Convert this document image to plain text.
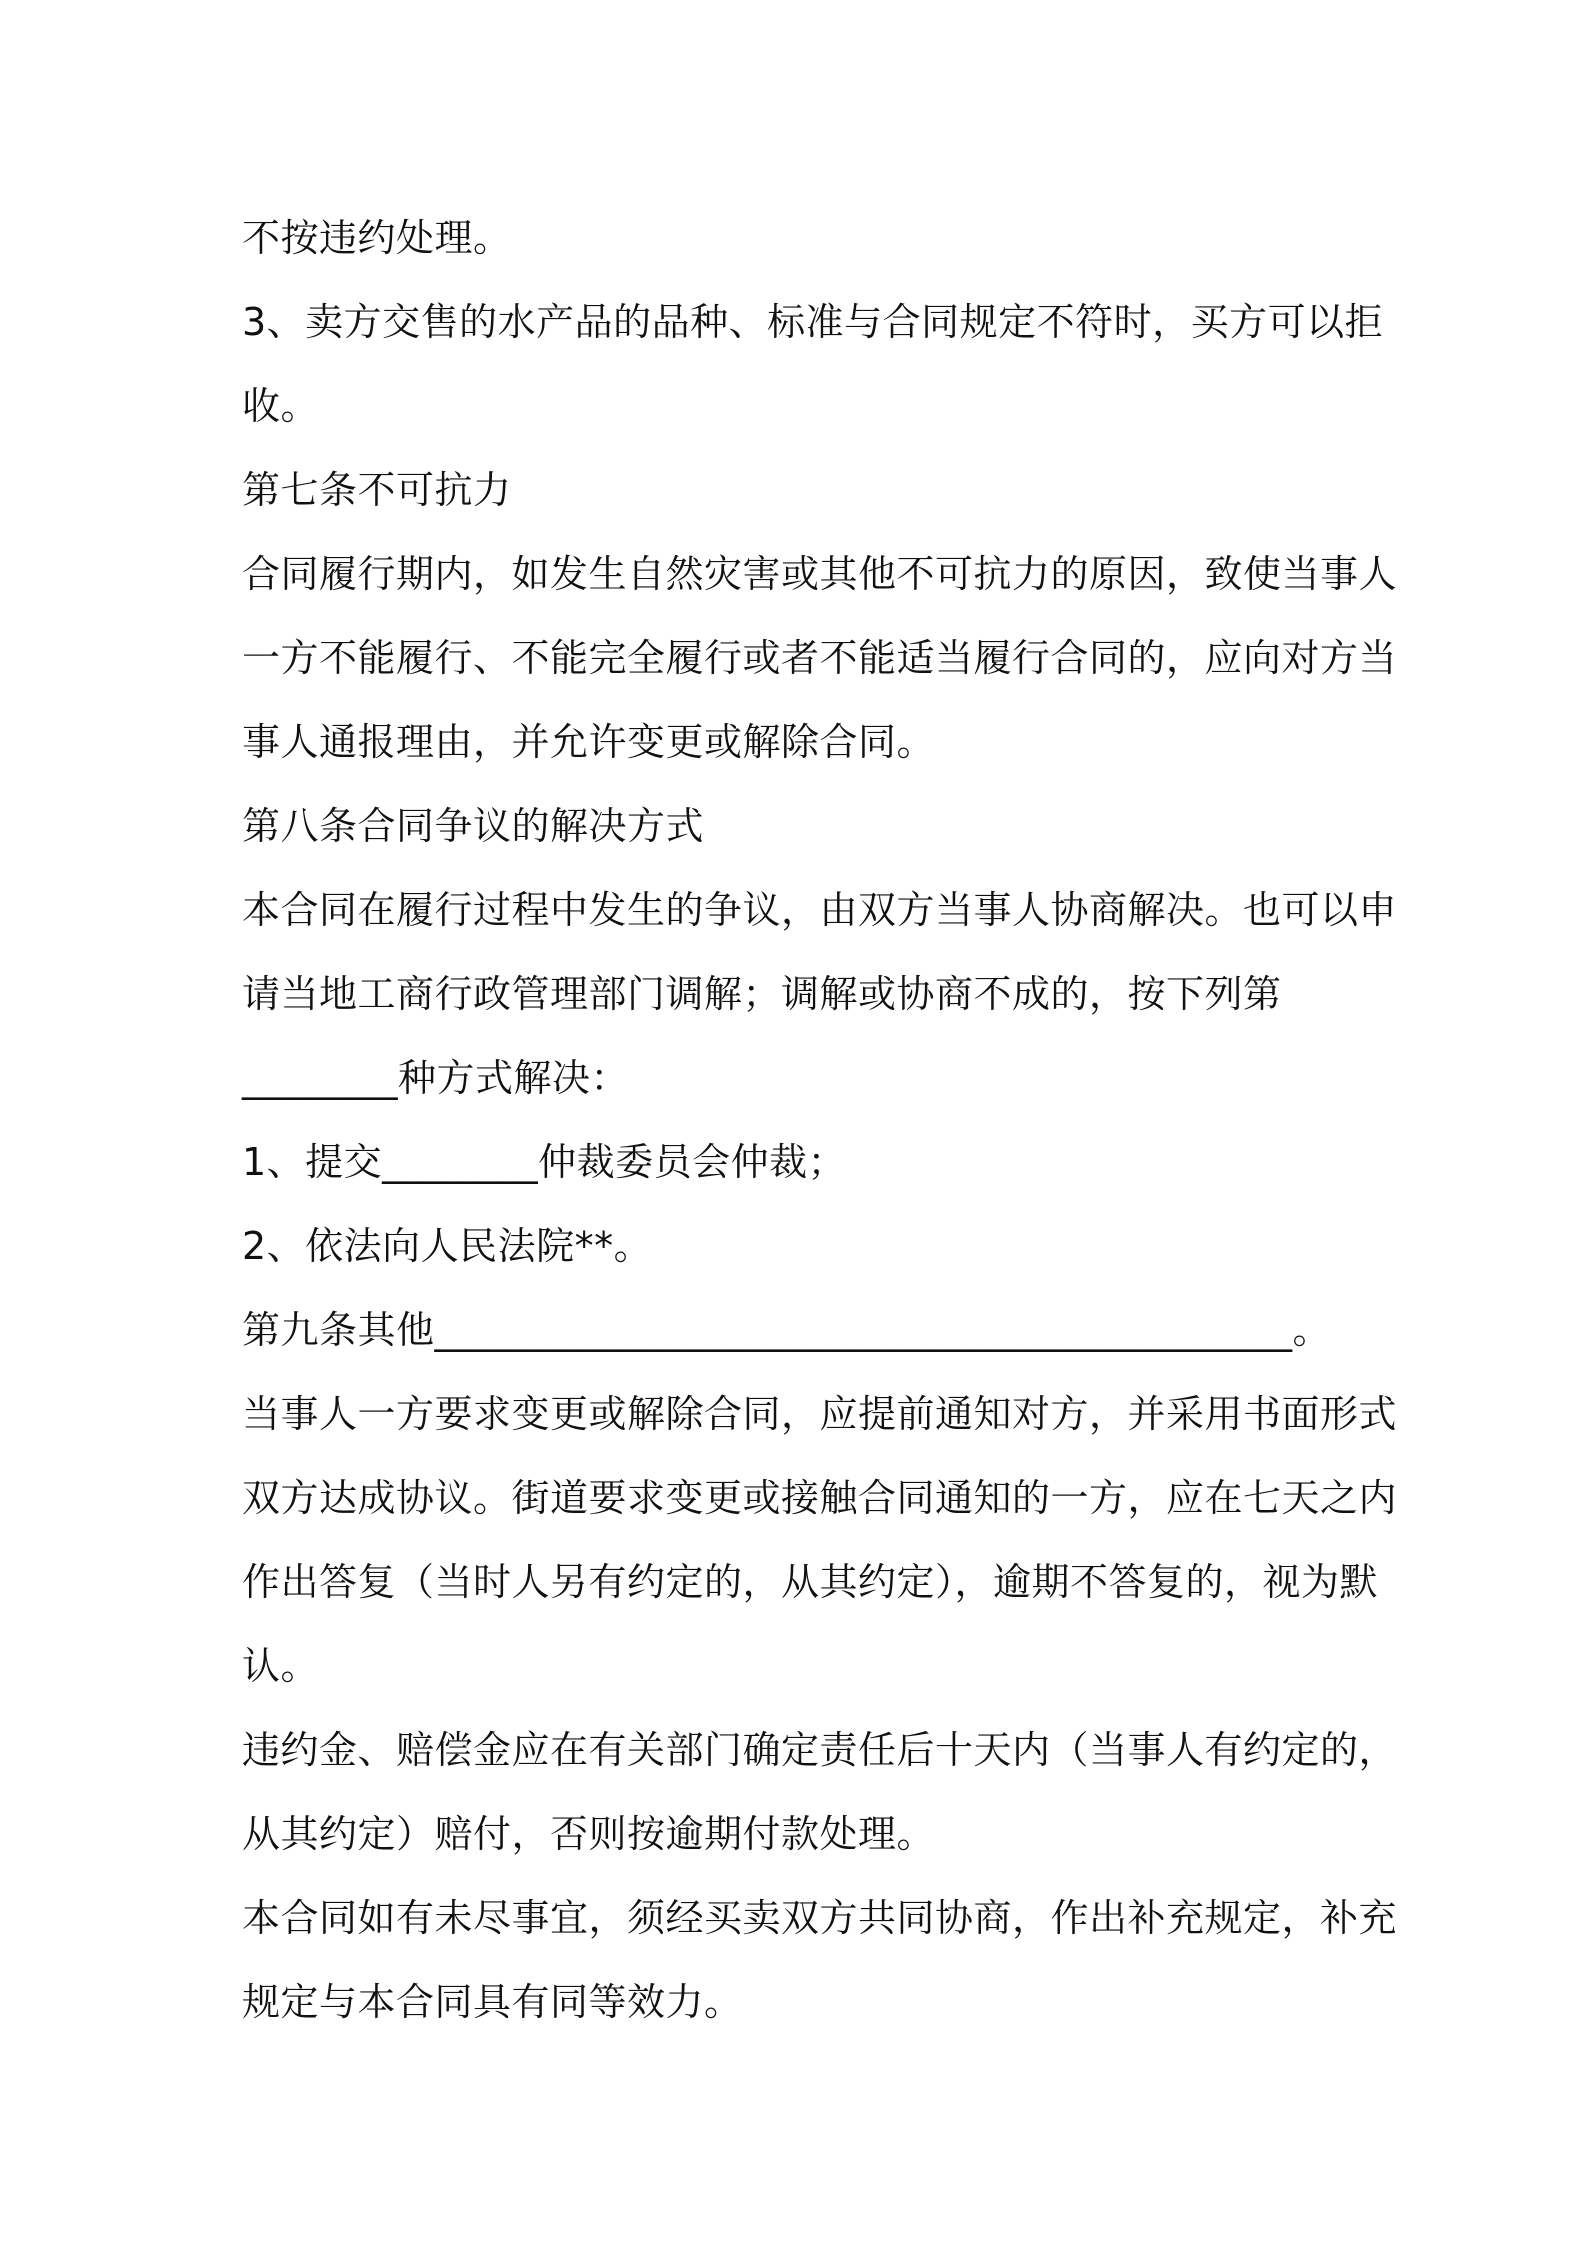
不按违约处理。
3、卖方交售的水产品的品种、标准与合同规定不符时，买方可以拒
收。
第七条不可抗力
合同履行期内，如发生自然灾害或其他不可抗力的原因，致使当事人
一方不能履行、不能完全履行或者不能适当履行合同的，应向对方当
事人通报理由，并允许变更或解除合同。
第八条合同争议的解决方式
本合同在履行过程中发生的争议，由双方当事人协商解决。也可以申
请当地工商行政管理部门调解；调解或协商不成的，按下列第
________种方式解决：
1、提交________仲裁委员会仲裁；
2、依法向人民法院**。
第九条其他____________________________________________。
当事人一方要求变更或解除合同，应提前通知对方，并采用书面形式
双方达成协议。街道要求变更或接触合同通知的一方，应在七天之内
作出答复（当时人另有约定的，从其约定），逾期不答复的，视为默
认。
违约金、赔偿金应在有关部门确定责任后十天内（当事人有约定的，
从其约定）赔付，否则按逾期付款处理。
本合同如有未尽事宜，须经买卖双方共同协商，作出补充规定，补充
规定与本合同具有同等效力。
